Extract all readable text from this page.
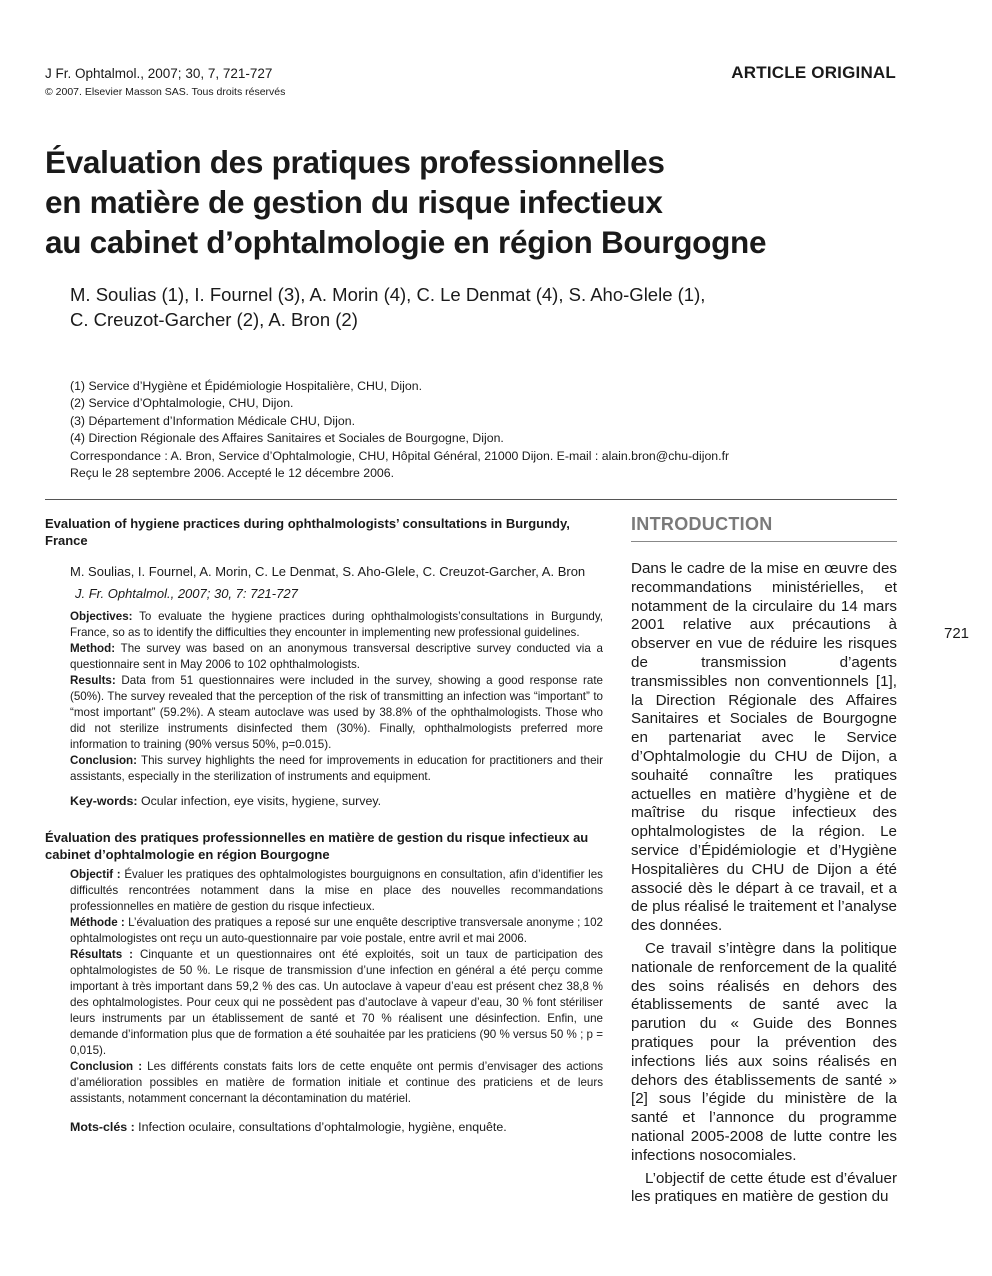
J Fr. Ophtalmol., 2007; 30, 7, 721-727
© 2007. Elsevier Masson SAS. Tous droits réservés
ARTICLE ORIGINAL
Évaluation des pratiques professionnelles
en matière de gestion du risque infectieux
au cabinet d’ophtalmologie en région Bourgogne
M. Soulias (1), I. Fournel (3), A. Morin (4), C. Le Denmat (4), S. Aho-Glele (1),
C. Creuzot-Garcher (2), A. Bron (2)
(1) Service d’Hygiène et Épidémiologie Hospitalière, CHU, Dijon.
(2) Service d’Ophtalmologie, CHU, Dijon.
(3) Département d’Information Médicale CHU, Dijon.
(4) Direction Régionale des Affaires Sanitaires et Sociales de Bourgogne, Dijon.
Correspondance : A. Bron, Service d’Ophtalmologie, CHU, Hôpital Général, 21000 Dijon. E-mail : alain.bron@chu-dijon.fr
Reçu le 28 septembre 2006. Accepté le 12 décembre 2006.
Evaluation of hygiene practices during ophthalmologists’ consultations in Burgundy, France
M. Soulias, I. Fournel, A. Morin, C. Le Denmat, S. Aho-Glele, C. Creuzot-Garcher, A. Bron
J. Fr. Ophtalmol., 2007; 30, 7: 721-727

Objectives: To evaluate the hygiene practices during ophthalmologists’consultations in Burgundy, France, so as to identify the difficulties they encounter in implementing new professional guidelines.

Method: The survey was based on an anonymous transversal descriptive survey conducted via a questionnaire sent in May 2006 to 102 ophthalmologists.

Results: Data from 51 questionnaires were included in the survey, showing a good response rate (50%). The survey revealed that the perception of the risk of transmitting an infection was “important” to “most important” (59.2%). A steam autoclave was used by 38.8% of the ophthalmologists. Those who did not sterilize instruments disinfected them (30%). Finally, ophthalmologists preferred more information to training (90% versus 50%, p=0.015).

Conclusion: This survey highlights the need for improvements in education for practitioners and their assistants, especially in the sterilization of instruments and equipment.

Key-words: Ocular infection, eye visits, hygiene, survey.
Évaluation des pratiques professionnelles en matière de gestion du risque infectieux au cabinet d’ophtalmologie en région Bourgogne

Objectif : Évaluer les pratiques des ophtalmologistes bourguignons en consultation, afin d’identifier les difficultés rencontrées notamment dans la mise en place des nouvelles recommandations professionnelles en matière de gestion du risque infectieux.

Méthode : L’évaluation des pratiques a reposé sur une enquête descriptive transversale anonyme ; 102 ophtalmologistes ont reçu un auto-questionnaire par voie postale, entre avril et mai 2006.

Résultats : Cinquante et un questionnaires ont été exploités, soit un taux de participation des ophtalmologistes de 50 %. Le risque de transmission d’une infection en général a été perçu comme important à très important dans 59,2 % des cas. Un autoclave à vapeur d’eau est présent chez 38,8 % des ophtalmologistes. Pour ceux qui ne possèdent pas d’autoclave à vapeur d’eau, 30 % font stériliser leurs instruments par un établissement de santé et 70 % réalisent une désinfection. Enfin, une demande d’information plus que de formation a été souhaitée par les praticiens (90 % versus 50 % ; p = 0,015).

Conclusion : Les différents constats faits lors de cette enquête ont permis d’envisager des actions d’amélioration possibles en matière de formation initiale et continue des praticiens et de leurs assistants, notamment concernant la décontamination du matériel.

Mots-clés : Infection oculaire, consultations d’ophtalmologie, hygiène, enquête.
INTRODUCTION

Dans le cadre de la mise en œuvre des recommandations ministérielles, et notamment de la circulaire du 14 mars 2001 relative aux précautions à observer en vue de réduire les risques de transmission d’agents transmissibles non conventionnels [1], la Direction Régionale des Affaires Sanitaires et Sociales de Bourgogne en partenariat avec le Service d’Ophtalmologie du CHU de Dijon, a souhaité connaître les pratiques actuelles en matière d’hygiène et de maîtrise du risque infectieux des ophtalmologistes de la région. Le service d’Épidémiologie et d’Hygiène Hospitalières du CHU de Dijon a été associé dès le départ à ce travail, et a de plus réalisé le traitement et l’analyse des données.

Ce travail s’intègre dans la politique nationale de renforcement de la qualité des soins réalisés en dehors des établissements de santé avec la parution du « Guide des Bonnes pratiques pour la prévention des infections liés aux soins réalisés en dehors des établissements de santé » [2] sous l’égide du ministère de la santé et l’annonce du programme national 2005-2008 de lutte contre les infections nosocomiales.

L’objectif de cette étude est d’évaluer les pratiques en matière de gestion du

721
